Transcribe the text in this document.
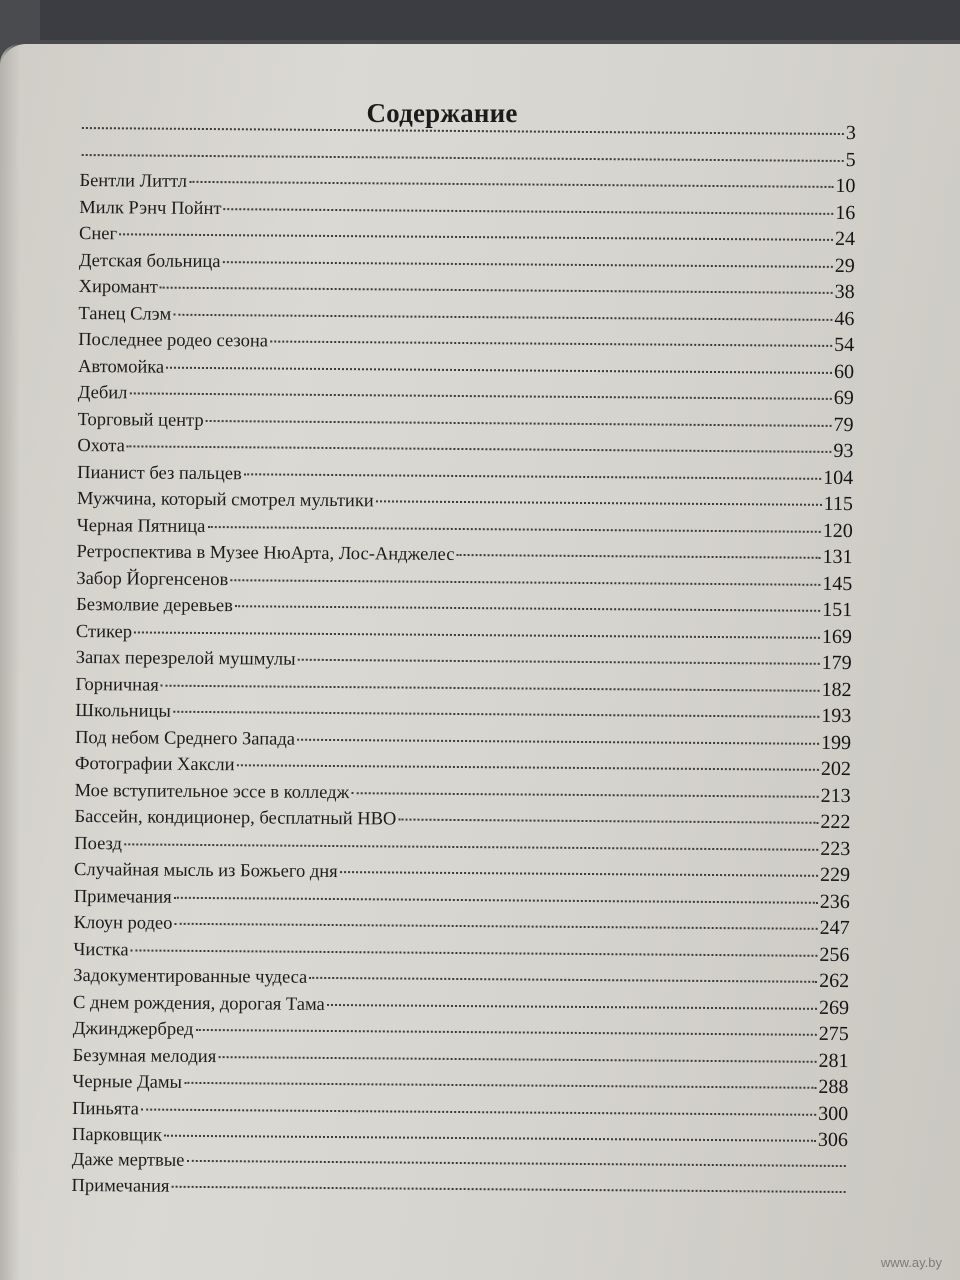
Содержание
3
5
Бентли Литтл	10
Милк Рэнч Пойнт	16
Снег	24
Детская больница	29
Хиромант	38
Танец Слэм	46
Последнее родео сезона	54
Автомойка	60
Дебил	69
Торговый центр	79
Охота	93
Пианист без пальцев	104
Мужчина, который смотрел мультики	115
Черная Пятница	120
Ретроспектива в Музее НюАрта, Лос-Анджелес	131
Забор Йоргенсенов	145
Безмолвие деревьев	151
Стикер	169
Запах перезрелой мушмулы	179
Горничная	182
Школьницы	193
Под небом Среднего Запада	199
Фотографии Хаксли	202
Мое вступительное эссе в колледж	213
Бассейн, кондиционер, бесплатный HBO	222
Поезд	223
Случайная мысль из Божьего дня	229
Примечания	236
Клоун родео	247
Чистка	256
Задокументированные чудеса	262
С днем рождения, дорогая Тама	269
Джинджербред	275
Безумная мелодия	281
Черные Дамы	288
Пиньята	300
Парковщик	306
Даже мертвые
Примечания
www.ay.by
